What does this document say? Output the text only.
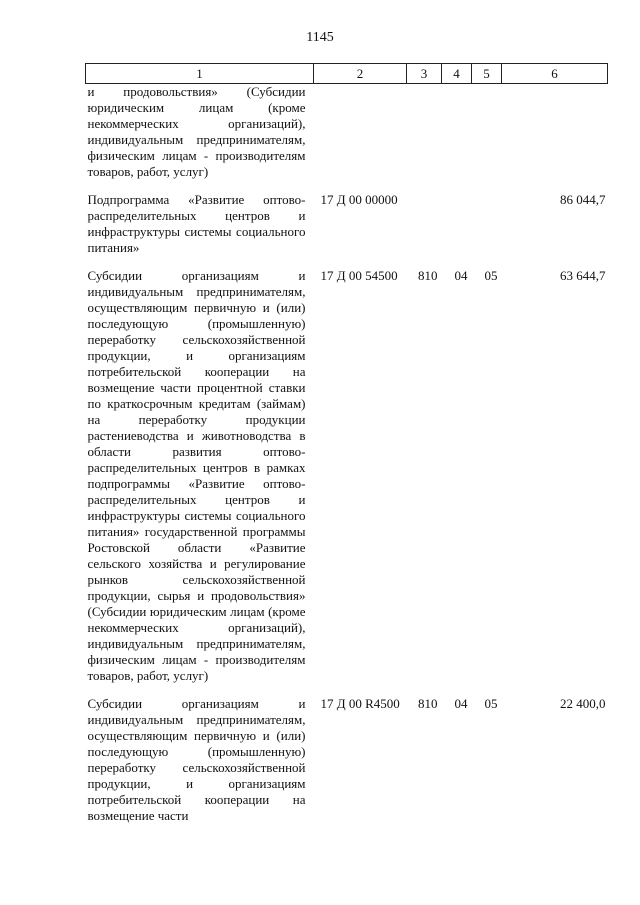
1145
1	2	3	4	5	6
и продовольствия» (Субсидии юридическим лицам (кроме некоммерческих организаций), индивидуальным предпринимателям, физическим лицам - производителям товаров, работ, услуг)					
Подпрограмма «Развитие оптово-распределительных центров и инфраструктуры системы социального питания»	17 Д 00 00000				86 044,7
Субсидии организациям и индивидуальным предпринимателям, осуществляющим первичную и (или) последующую (промышленную) переработку сельскохозяйственной продукции, и организациям потребительской кооперации на возмещение части процентной ставки по краткосрочным кредитам (займам) на переработку продукции растениеводства и животноводства в области развития оптово-распределительных центров в рамках подпрограммы «Развитие оптово-распределительных центров и инфраструктуры системы социального питания» государственной программы Ростовской области «Развитие сельского хозяйства и регулирование рынков сельскохозяйственной продукции, сырья и продовольствия» (Субсидии юридическим лицам (кроме некоммерческих организаций), индивидуальным предпринимателям, физическим лицам - производителям товаров, работ, услуг)	17 Д 00 54500	810	04	05	63 644,7
Субсидии организациям и индивидуальным предпринимателям, осуществляющим первичную и (или) последующую (промышленную) переработку сельскохозяйственной продукции, и организациям потребительской кооперации на возмещение части	17 Д 00 R4500	810	04	05	22 400,0
